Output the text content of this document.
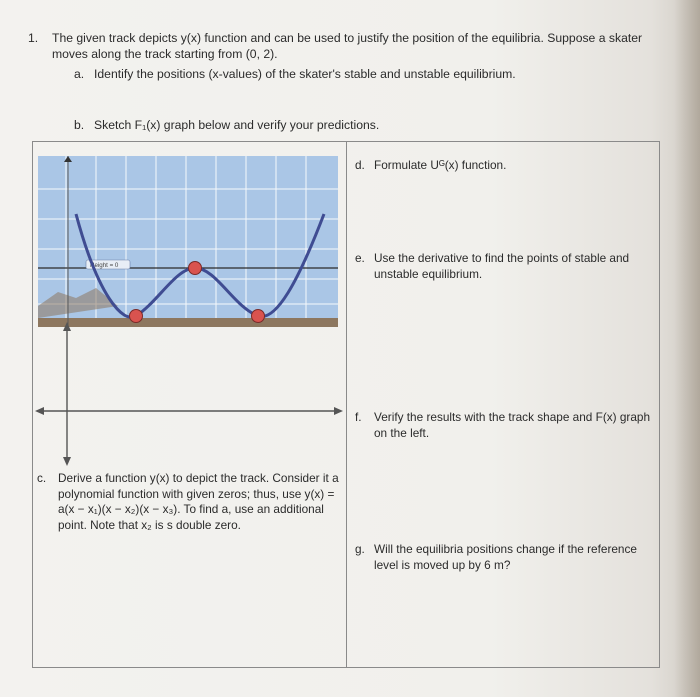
1. The given track depicts y(x) function and can be used to justify the position of the equilibria. Suppose a skater moves along the track starting from (0, 2).
a. Identify the positions (x-values) of the skater's stable and unstable equilibrium.
b. Sketch F₁(x) graph below and verify your predictions.
Height = 0
d. Formulate Uᴳ(x) function.
e. Use the derivative to find the points of stable and unstable equilibrium.
f. Verify the results with the track shape and F(x) graph on the left.
g. Will the equilibria positions change if the reference level is moved up by 6 m?
c. Derive a function y(x) to depict the track. Consider it a polynomial function with given zeros; thus, use y(x) = a(x − x₁)(x − x₂)(x − x₃). To find a, use an additional point. Note that x₂ is s double zero.
